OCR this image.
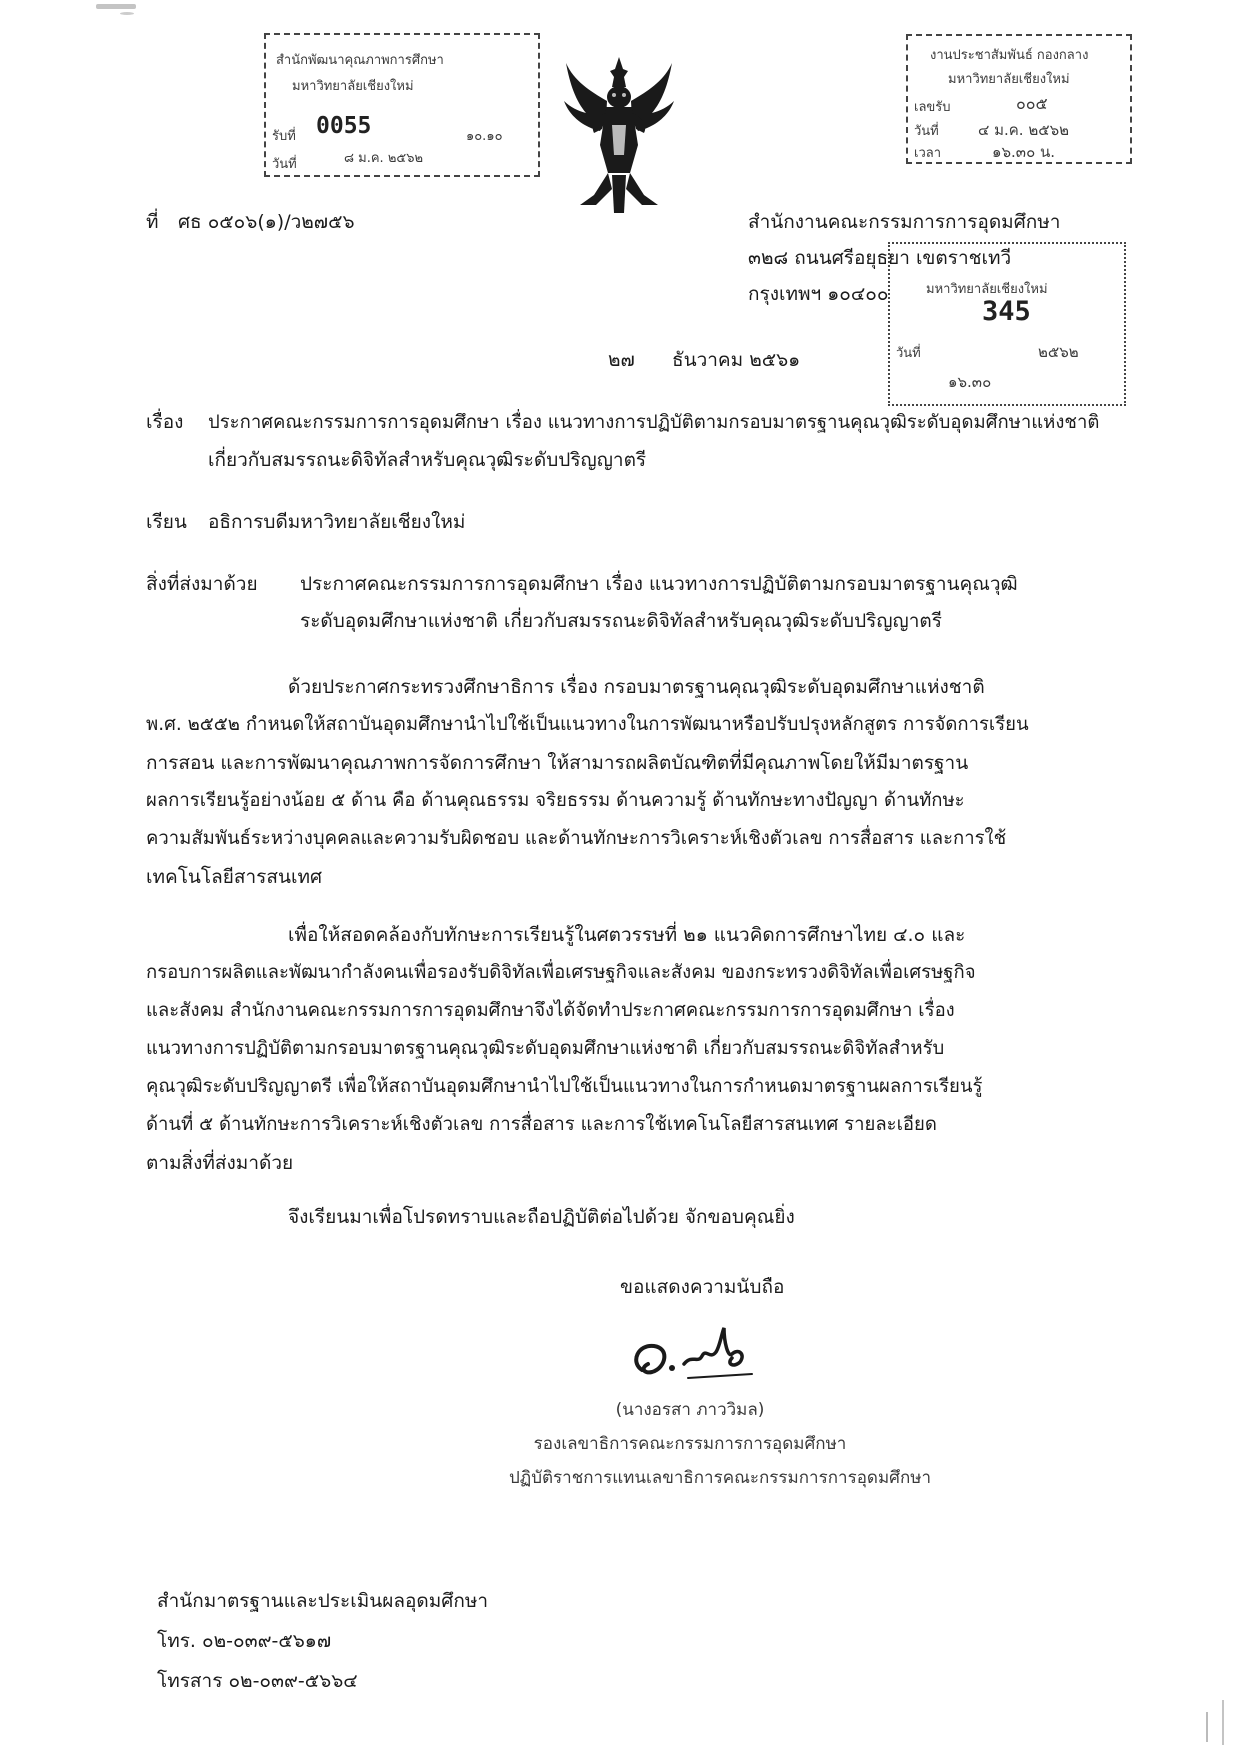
สำนักพัฒนาคุณภาพการศึกษา
มหาวิทยาลัยเชียงใหม่
รับที่ 0055	๑๐.๑๐
วันที่	๘ ม.ค. ๒๕๖๒
งานประชาสัมพันธ์ กองกลาง
มหาวิทยาลัยเชียงใหม่
เลขรับ	๐๐๕
วันที่	๔ ม.ค. ๒๕๖๒
เวลา	๑๖.๓๐ น.
มหาวิทยาลัยเชียงใหม่
345
วันที่	๒๕๖๒
๑๖.๓๐
ที่ ศธ ๐๕๐๖(๑)/ว๒๗๕๖	สำนักงานคณะกรรมการการอุดมศึกษา
๓๒๘ ถนนศรีอยุธยา เขตราชเทวี
กรุงเทพฯ ๑๐๔๐๐
๒๗ ธันวาคม ๒๕๖๑
เรื่อง ประกาศคณะกรรมการการอุดมศึกษา เรื่อง แนวทางการปฏิบัติตามกรอบมาตรฐานคุณวุฒิระดับอุดมศึกษาแห่งชาติ
เกี่ยวกับสมรรถนะดิจิทัลสำหรับคุณวุฒิระดับปริญญาตรี
เรียน อธิการบดีมหาวิทยาลัยเชียงใหม่
สิ่งที่ส่งมาด้วย ประกาศคณะกรรมการการอุดมศึกษา เรื่อง แนวทางการปฏิบัติตามกรอบมาตรฐานคุณวุฒิ
ระดับอุดมศึกษาแห่งชาติ เกี่ยวกับสมรรถนะดิจิทัลสำหรับคุณวุฒิระดับปริญญาตรี
ด้วยประกาศกระทรวงศึกษาธิการ เรื่อง กรอบมาตรฐานคุณวุฒิระดับอุดมศึกษาแห่งชาติ
พ.ศ. ๒๕๕๒ กำหนดให้สถาบันอุดมศึกษานำไปใช้เป็นแนวทางในการพัฒนาหรือปรับปรุงหลักสูตร การจัดการเรียน
การสอน และการพัฒนาคุณภาพการจัดการศึกษา ให้สามารถผลิตบัณฑิตที่มีคุณภาพโดยให้มีมาตรฐาน
ผลการเรียนรู้อย่างน้อย ๕ ด้าน คือ ด้านคุณธรรม จริยธรรม ด้านความรู้ ด้านทักษะทางปัญญา ด้านทักษะ
ความสัมพันธ์ระหว่างบุคคลและความรับผิดชอบ และด้านทักษะการวิเคราะห์เชิงตัวเลข การสื่อสาร และการใช้
เทคโนโลยีสารสนเทศ
เพื่อให้สอดคล้องกับทักษะการเรียนรู้ในศตวรรษที่ ๒๑ แนวคิดการศึกษาไทย ๔.๐ และ
กรอบการผลิตและพัฒนากำลังคนเพื่อรองรับดิจิทัลเพื่อเศรษฐกิจและสังคม ของกระทรวงดิจิทัลเพื่อเศรษฐกิจ
และสังคม สำนักงานคณะกรรมการการอุดมศึกษาจึงได้จัดทำประกาศคณะกรรมการการอุดมศึกษา เรื่อง
แนวทางการปฏิบัติตามกรอบมาตรฐานคุณวุฒิระดับอุดมศึกษาแห่งชาติ เกี่ยวกับสมรรถนะดิจิทัลสำหรับ
คุณวุฒิระดับปริญญาตรี เพื่อให้สถาบันอุดมศึกษานำไปใช้เป็นแนวทางในการกำหนดมาตรฐานผลการเรียนรู้
ด้านที่ ๕ ด้านทักษะการวิเคราะห์เชิงตัวเลข การสื่อสาร และการใช้เทคโนโลยีสารสนเทศ รายละเอียด
ตามสิ่งที่ส่งมาด้วย
จึงเรียนมาเพื่อโปรดทราบและถือปฏิบัติต่อไปด้วย จักขอบคุณยิ่ง
ขอแสดงความนับถือ
(นางอรสา ภาววิมล)
รองเลขาธิการคณะกรรมการการอุดมศึกษา
ปฏิบัติราชการแทนเลขาธิการคณะกรรมการการอุดมศึกษา
สำนักมาตรฐานและประเมินผลอุดมศึกษา
โทร. ๐๒-๐๓๙-๕๖๑๗
โทรสาร ๐๒-๐๓๙-๕๖๖๔
